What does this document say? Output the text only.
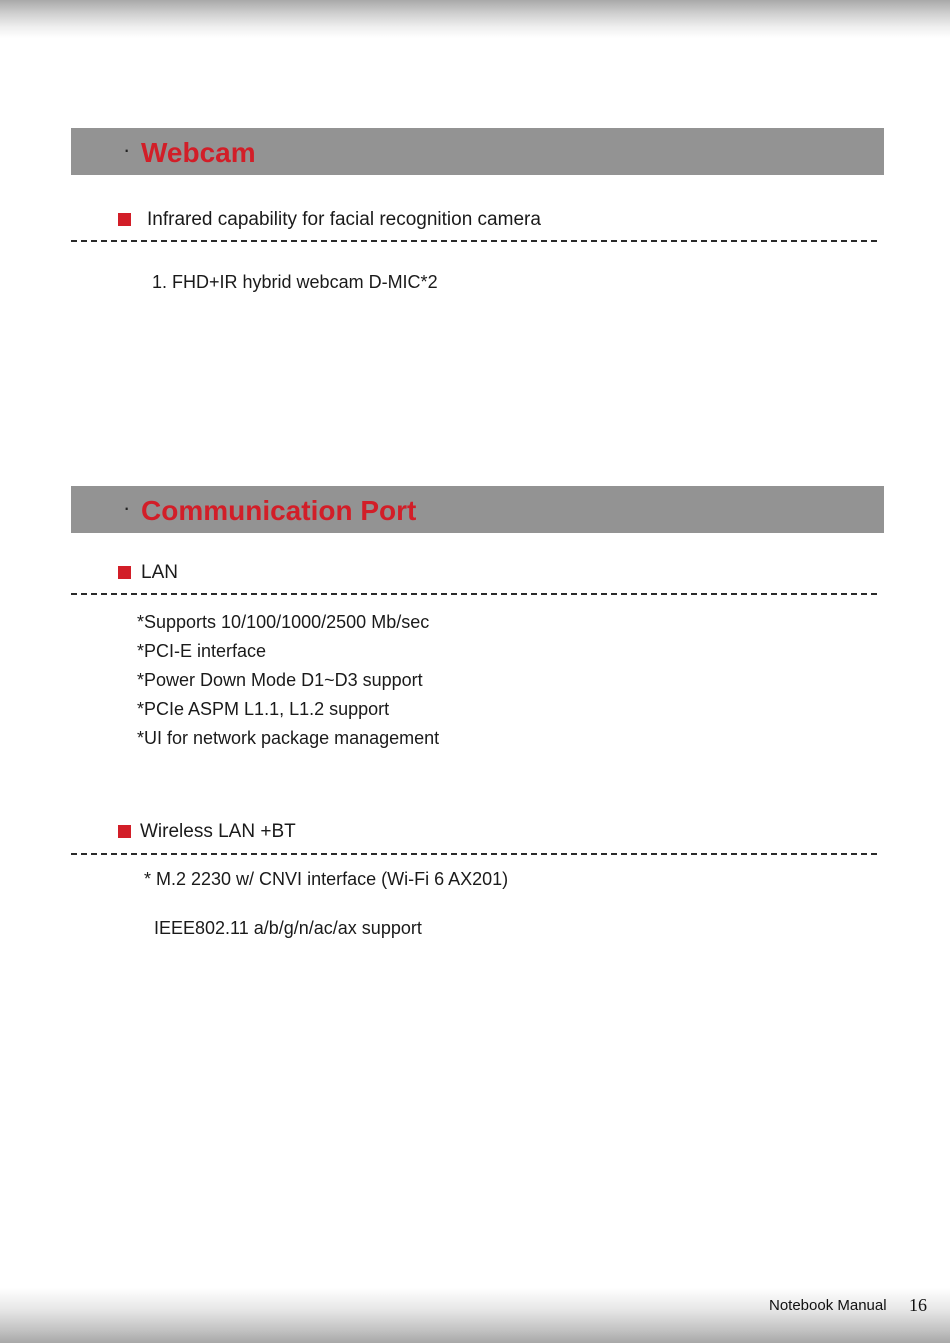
· Webcam
Infrared capability for facial recognition camera
1. FHD+IR hybrid webcam D-MIC*2
· Communication Port
LAN
*Supports 10/100/1000/2500 Mb/sec
*PCI-E interface
*Power Down Mode D1~D3 support
*PCIe ASPM L1.1, L1.2 support
*UI for network package management
Wireless LAN +BT
* M.2 2230 w/ CNVI interface (Wi-Fi 6 AX201)
IEEE802.11 a/b/g/n/ac/ax support
Notebook Manual 16
